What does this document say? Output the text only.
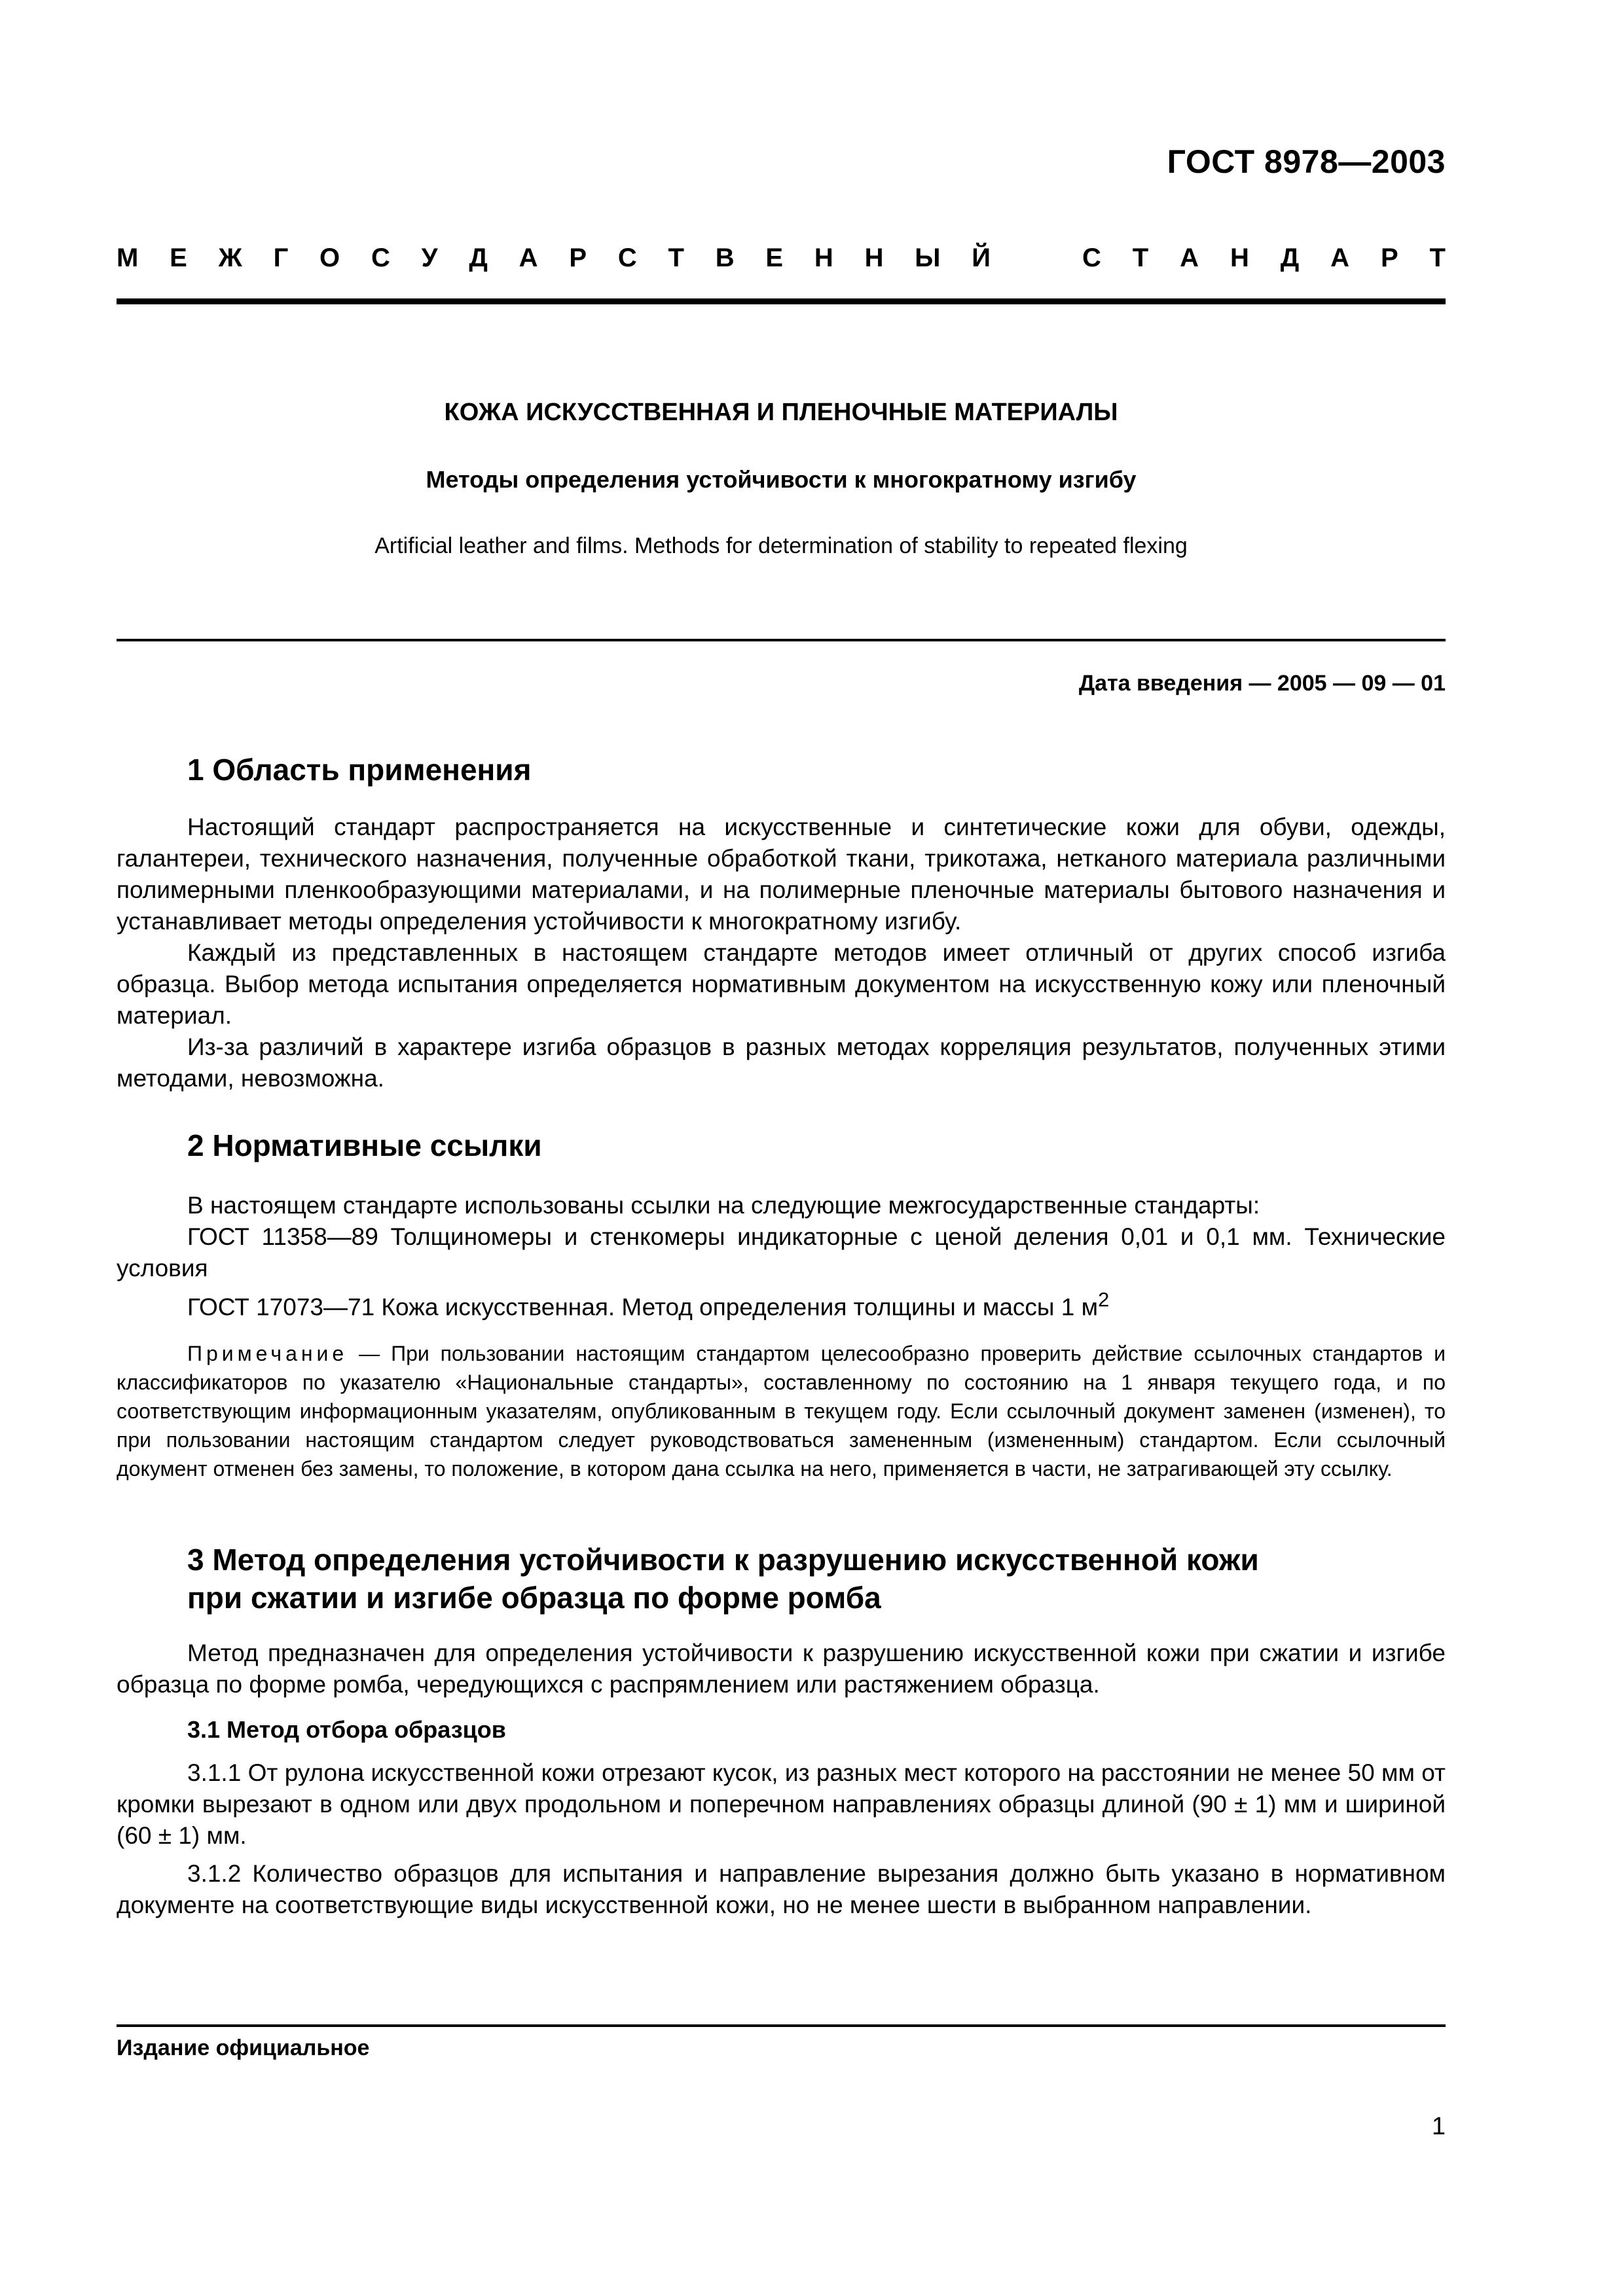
ГОСТ 8978—2003
М Е Ж Г О С У Д А Р С Т В Е Н Н Ы Й	С Т А Н Д А Р Т
КОЖА ИСКУССТВЕННАЯ И ПЛЕНОЧНЫЕ МАТЕРИАЛЫ
Методы определения устойчивости к многократному изгибу
Artificial leather and films. Methods for determination of stability to repeated flexing
Дата введения — 2005 — 09 — 01
1 Область применения

Настоящий стандарт распространяется на искусственные и синтетические кожи для обуви, одежды, галантереи, технического назначения, полученные обработкой ткани, трикотажа, нетканого материала различными полимерными пленкообразующими материалами, и на полимерные пленочные материалы бытового назначения и устанавливает методы определения устойчивости к многократному изгибу.

Каждый из представленных в настоящем стандарте методов имеет отличный от других способ изгиба образца. Выбор метода испытания определяется нормативным документом на искусственную кожу или пленочный материал.

Из-за различий в характере изгиба образцов в разных методах корреляция результатов, полученных этими методами, невозможна.

2 Нормативные ссылки

В настоящем стандарте использованы ссылки на следующие межгосударственные стандарты:

ГОСТ 11358—89 Толщиномеры и стенкомеры индикаторные с ценой деления 0,01 и 0,1 мм. Технические условия

ГОСТ 17073—71 Кожа искусственная. Метод определения толщины и массы 1 $м^2$

Примечание — При пользовании настоящим стандартом целесообразно проверить действие ссылочных стандартов и классификаторов по указателю «Национальные стандарты», составленному по состоянию на 1 января текущего года, и по соответствующим информационным указателям, опубликованным в текущем году. Если ссылочный документ заменен (изменен), то при пользовании настоящим стандартом следует руководствоваться замененным (измененным) стандартом. Если ссылочный документ отменен без замены, то положение, в котором дана ссылка на него, применяется в части, не затрагивающей эту ссылку.
3 Метод определения устойчивости к разрушению искусственной кожи
при сжатии и изгибе образца по форме ромба

Метод предназначен для определения устойчивости к разрушению искусственной кожи при сжатии и изгибе образца по форме ромба, чередующихся с распрямлением или растяжением образца.

3.1 Метод отбора образцов

3.1.1 От рулона искусственной кожи отрезают кусок, из разных мест которого на расстоянии не менее 50 мм от кромки вырезают в одном или двух продольном и поперечном направлениях образцы длиной (90 ± 1) мм и шириной (60 ± 1) мм.

3.1.2 Количество образцов для испытания и направление вырезания должно быть указано в нормативном документе на соответствующие виды искусственной кожи, но не менее шести в выбранном направлении.

Издание официальное
1
